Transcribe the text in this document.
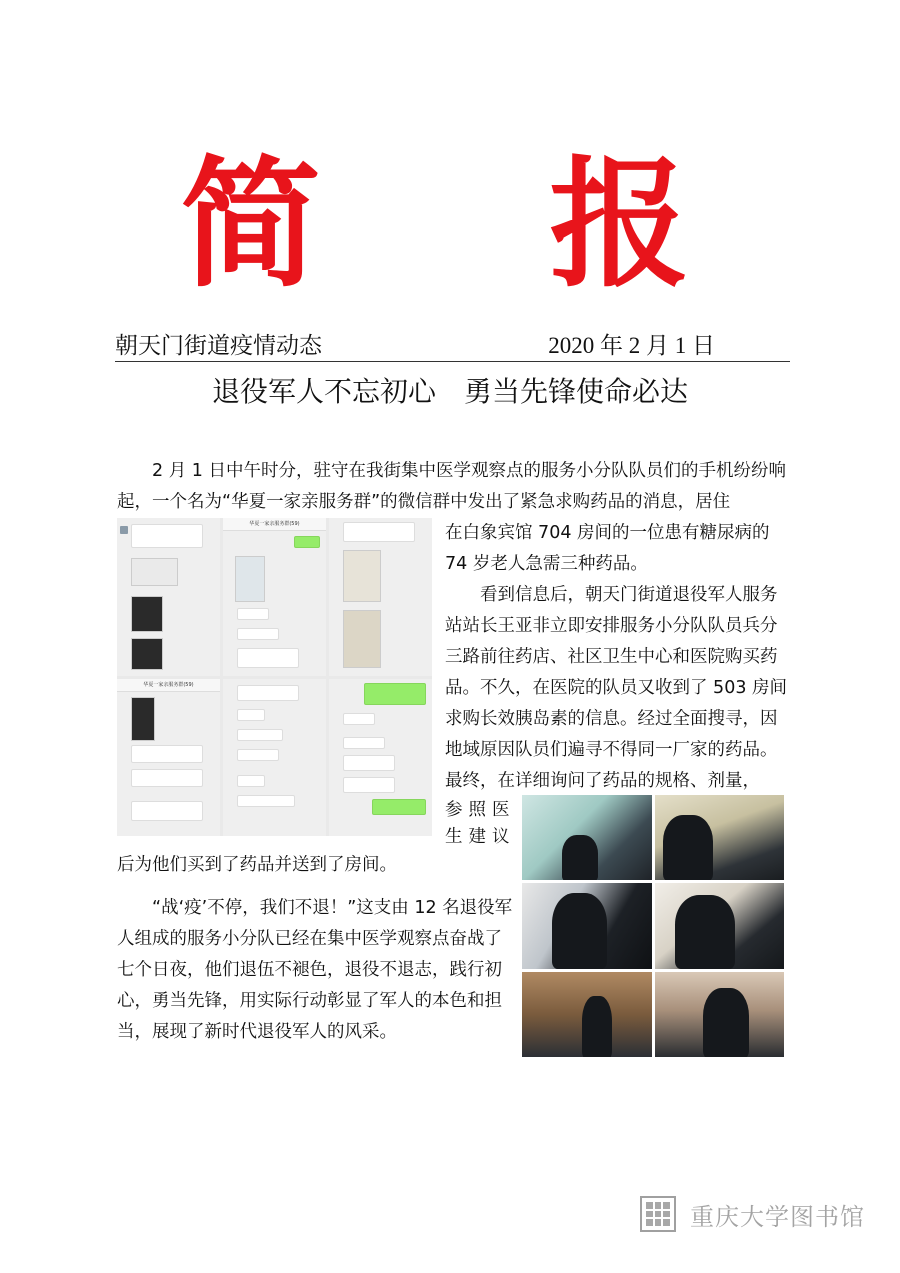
简 报
朝天门街道疫情动态	2020 年 2 月 1 日
退役军人不忘初心　勇当先锋使命必达
2 月 1 日中午时分，驻守在我街集中医学观察点的服务小分队队员们的手机纷纷响起，一个名为“华夏一家亲服务群”的微信群中发出了紧急求购药品的消息，居住
华夏一家亲服务群(59)
华夏一家亲服务群(59)
在白象宾馆 704 房间的一位患有糖尿病的 74 岁老人急需三种药品。
看到信息后，朝天门街道退役军人服务站站长王亚非立即安排服务小分队队员兵分三路前往药店、社区卫生中心和医院购买药品。不久，在医院的队员又收到了 503 房间求购长效胰岛素的信息。经过全面搜寻，因地域原因队员们遍寻不得同一厂家的药品。最终，在详细询问了药品的规格、剂量，
参照医生建议
后为他们买到了药品并送到了房间。
“战‘疫’不停，我们不退！”这支由 12 名退役军人组成的服务小分队已经在集中医学观察点奋战了七个日夜，他们退伍不褪色，退役不退志，践行初心，勇当先锋，用实际行动彰显了军人的本色和担当，展现了新时代退役军人的风采。
重庆大学图书馆
